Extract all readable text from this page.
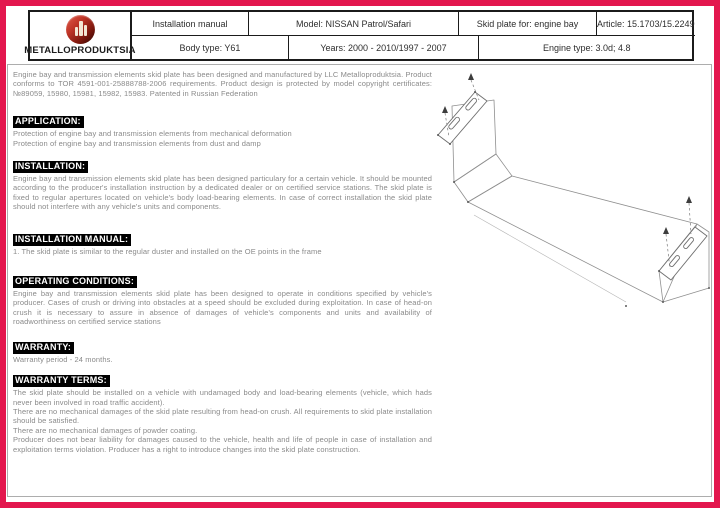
METALLOPRODUKTSIA
Installation manual	Model: NISSAN Patrol/Safari	Skid plate for: engine bay	Article: 15.1703/15.2249
Body type: Y61	Years: 2000 - 2010/1997 - 2007	Engine type: 3.0d; 4.8

Engine bay and transmission elements skid plate has been designed and manufactured by LLC Metalloproduktsia. Product conforms to TOR 4591-001-25888788-2006 requirements. Product design is protected by model copyright certificates: №89059, 15980, 15981, 15982, 15983. Patented in Russian Federation

APPLICATION:

Protection of engine bay and transmission elements from mechanical deformation

Protection of engine bay and transmission elements from dust and damp

INSTALLATION:

Engine bay and transmission elements skid plate has been designed particulary for a certain vehicle. It should be mounted according to the producer's installation instruction by a dedicated dealer or on certified service stations. The skid plate is fixed to regular apertures located on vehicle's body load-bearing elements. In case of correct installation the skid plate should not interfere with any vehicle's units and components.

INSTALLATION MANUAL:

1. The skid plate is similar to the regular duster and installed on the OE points in the frame

OPERATING CONDITIONS:

Engine bay and transmission elements skid plate has been designed to operate in conditions specified by vehicle's producer. Cases of crush or driving into obstacles at a speed should be excluded during exploitation. In case of head-on crush it is necessary to assure in absence of damages of vehicle's components and units and availability of roadworthiness on certified service stations

WARRANTY:

Warranty period - 24 months.

WARRANTY TERMS:

The skid plate should be installed on a vehicle with undamaged body and load-bearing elements (vehicle, which hads never been involved in road traffic accident).

There are no mechanical damages of the skid plate resulting from head-on crush. All requirements to skid plate installation should be satisfied.

There are no mechanical damages of powder coating.

Producer does not bear liability for damages caused to the vehicle, health and life of people in case of installation and exploitation terms violation. Producer has a right to introduce changes into the skid plate construction.
